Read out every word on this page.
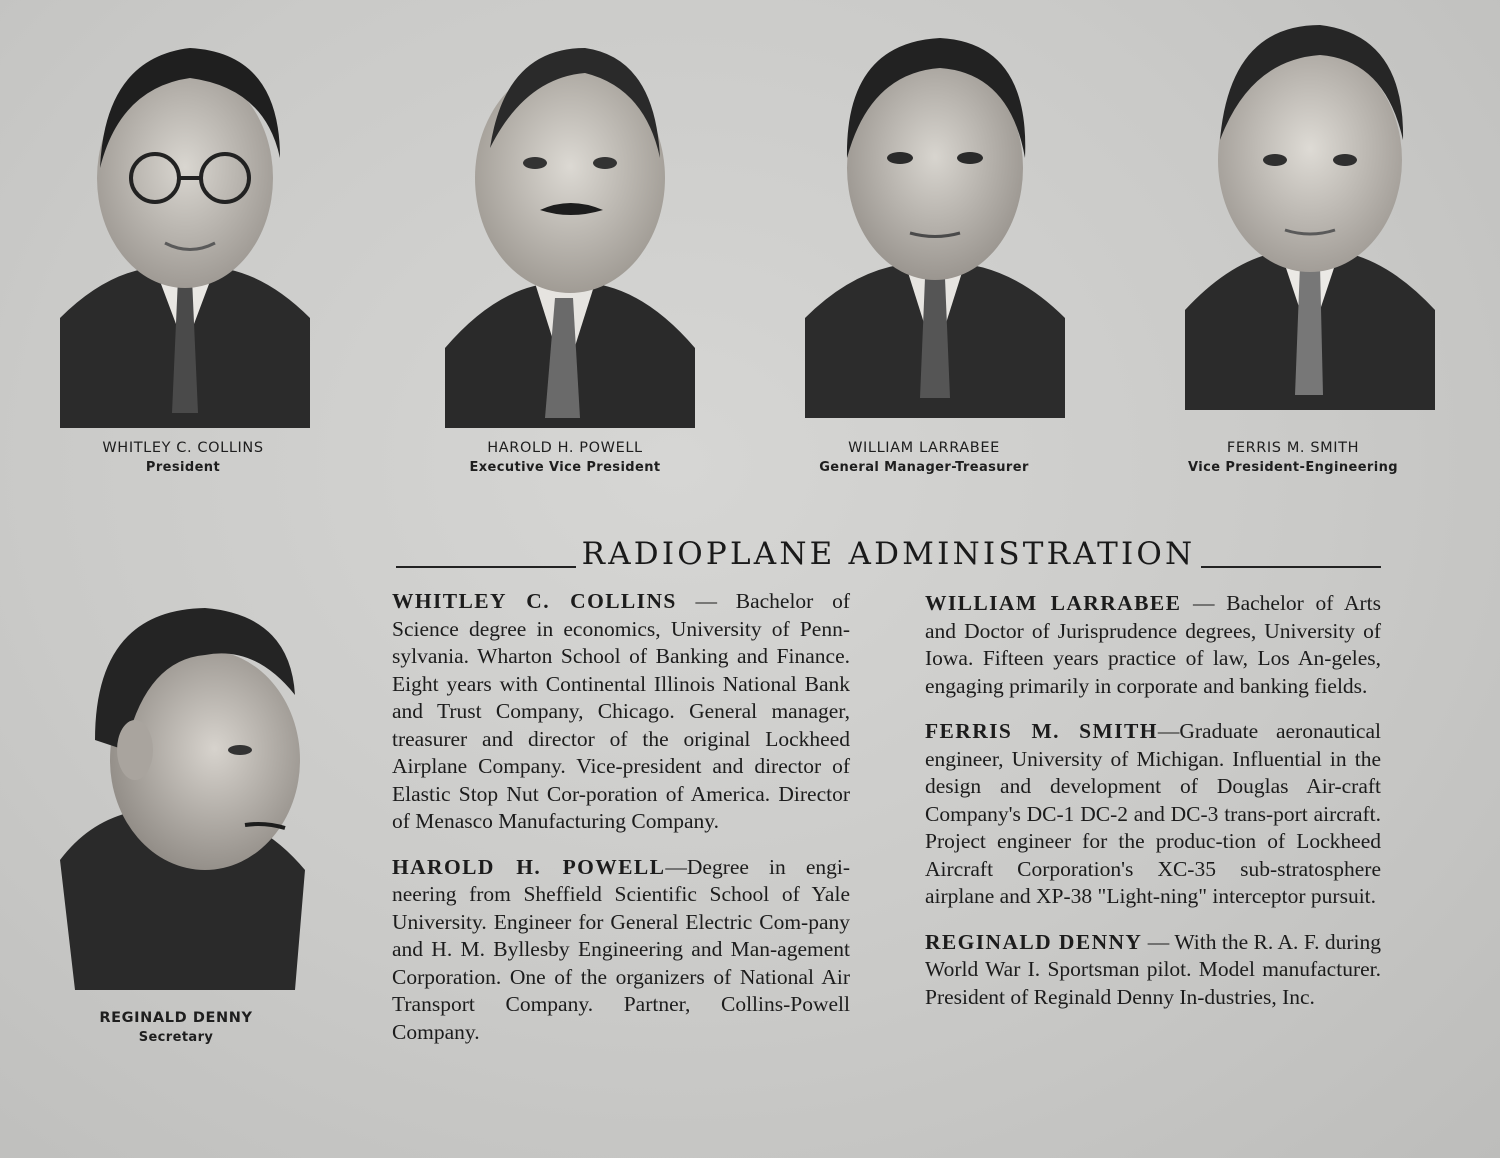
WHITLEY C. COLLINS
President
HAROLD H. POWELL
Executive Vice President
WILLIAM LARRABEE
General Manager-Treasurer
FERRIS M. SMITH
Vice President-Engineering
REGINALD DENNY
Secretary
RADIOPLANE ADMINISTRATION

WHITLEY C. COLLINS — Bachelor of Science degree in economics, University of Penn-sylvania. Wharton School of Banking and Finance. Eight years with Continental Illinois National Bank and Trust Company, Chicago. General manager, treasurer and director of the original Lockheed Airplane Company. Vice-president and director of Elastic Stop Nut Cor-poration of America. Director of Menasco Manufacturing Company.

HAROLD H. POWELL—Degree in engi-neering from Sheffield Scientific School of Yale University. Engineer for General Electric Com-pany and H. M. Byllesby Engineering and Man-agement Corporation. One of the organizers of National Air Transport Company. Partner, Collins-Powell Company.

WILLIAM LARRABEE — Bachelor of Arts and Doctor of Jurisprudence degrees, University of Iowa. Fifteen years practice of law, Los An-geles, engaging primarily in corporate and banking fields.

FERRIS M. SMITH—Graduate aeronautical engineer, University of Michigan. Influential in the design and development of Douglas Air-craft Company's DC-1 DC-2 and DC-3 trans-port aircraft. Project engineer for the produc-tion of Lockheed Aircraft Corporation's XC-35 sub-stratosphere airplane and XP-38 "Light-ning" interceptor pursuit.

REGINALD DENNY — With the R. A. F. during World War I. Sportsman pilot. Model manufacturer. President of Reginald Denny In-dustries, Inc.
